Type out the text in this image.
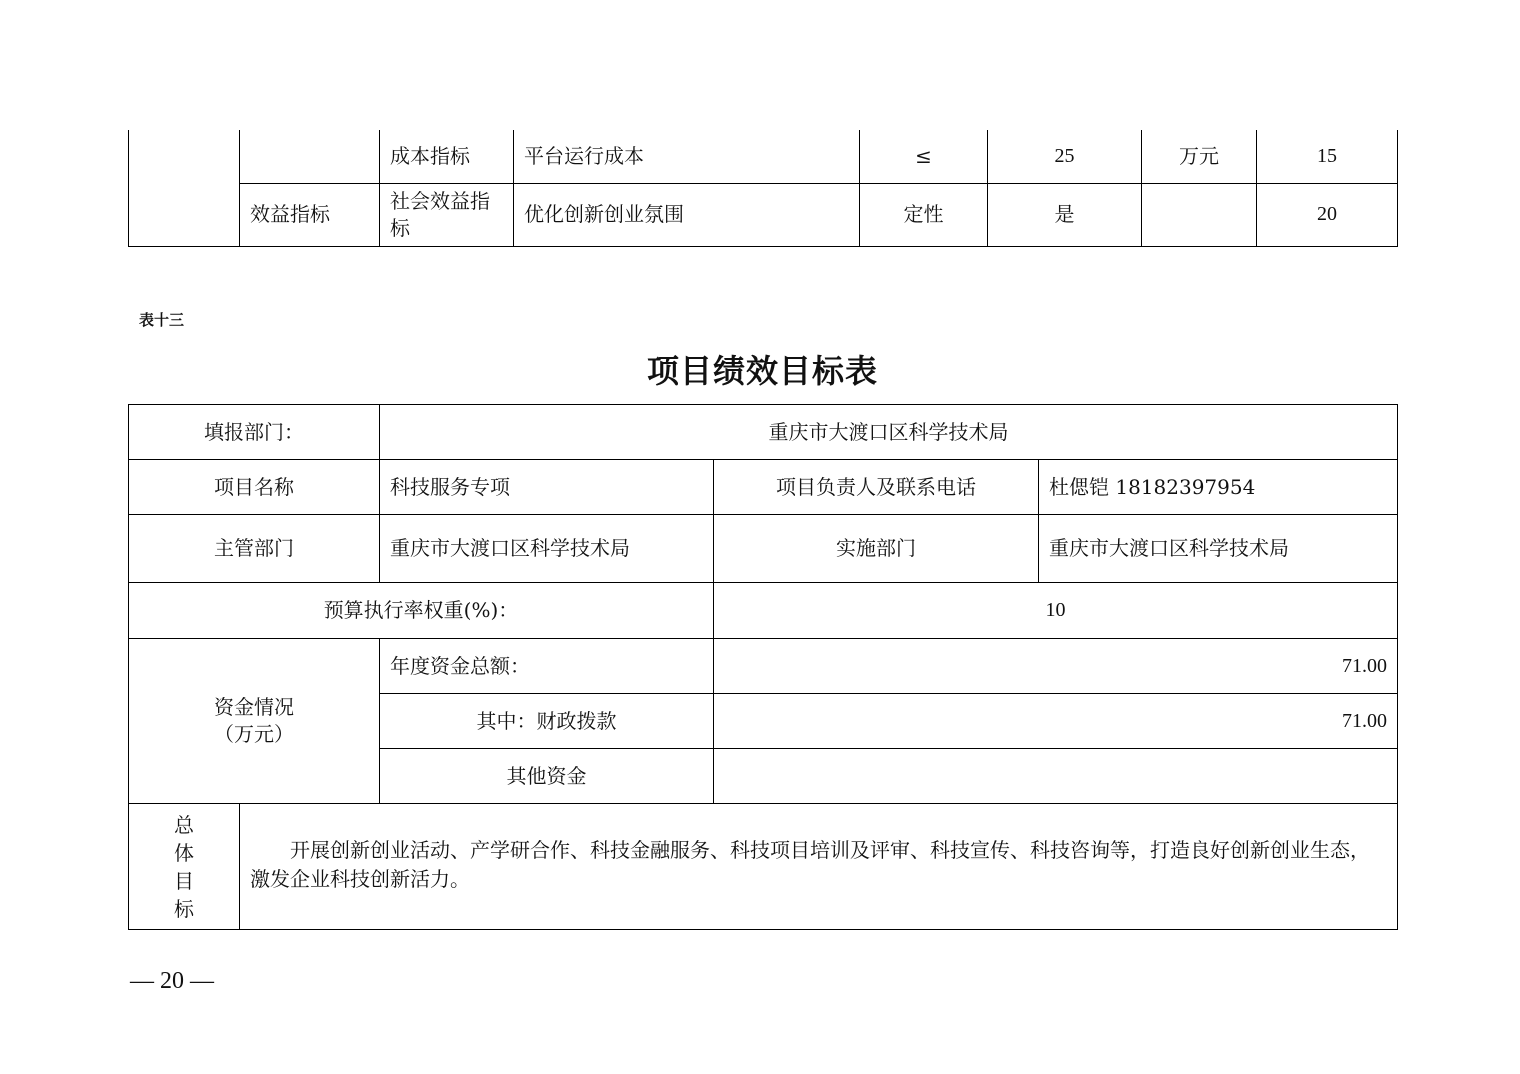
		成本指标	平台运行成本	≤	25	万元	15
	效益指标	社会效益指标	优化创新创业氛围	定性	是		20
表十三
项目绩效目标表
填报部门：		重庆市大渡口区科学技术局		
项目名称		科技服务专项	项目负责人及联系电话	杜偲铠 18182397954
主管部门		重庆市大渡口区科学技术局	实施部门	重庆市大渡口区科学技术局
预算执行率权重(%)：			10	

资金情况
（万元）		年度资金总额：	71.00	
		其中：财政拨款	71.00	
		其他资金		

总
体
目
标	开展创新创业活动、产学研合作、科技金融服务、科技项目培训及评审、科技宣传、科技咨询等，打造良好创新创业生态，激发企业科技创新活力。			
— 20 —
